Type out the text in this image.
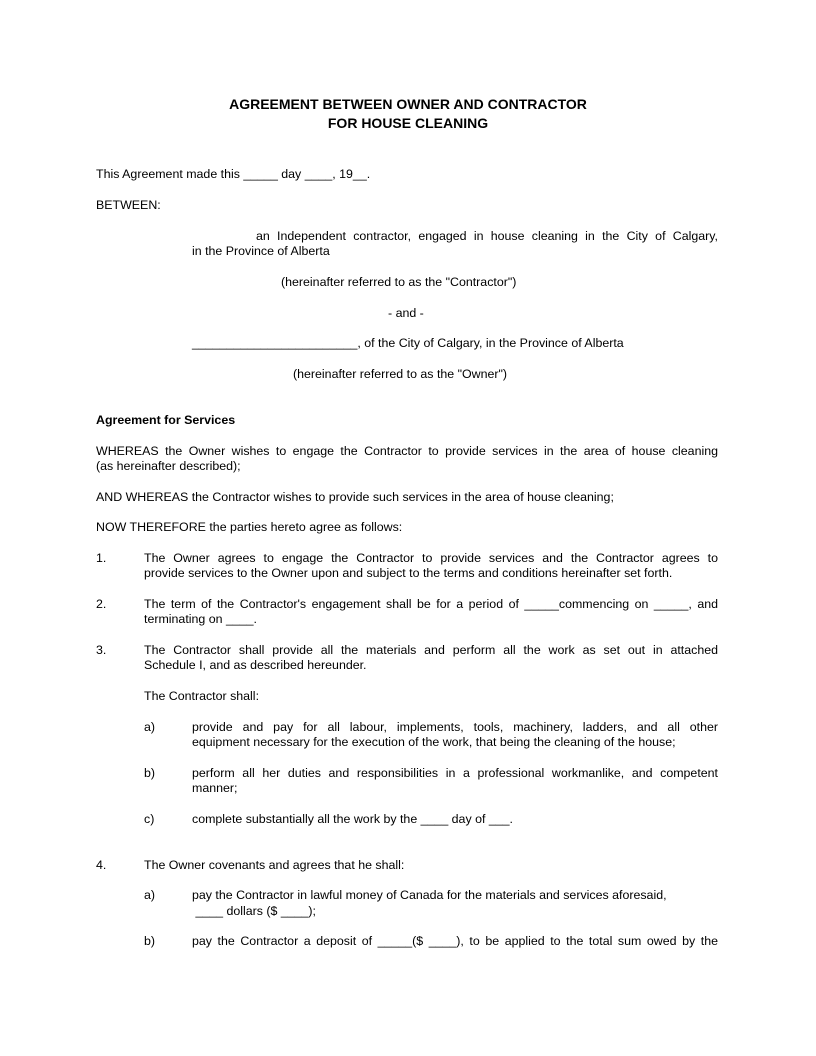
AGREEMENT BETWEEN OWNER AND CONTRACTOR
FOR HOUSE CLEANING
This Agreement made this _____ day ____, 19__.
BETWEEN:
an Independent contractor, engaged in house cleaning in the City of Calgary,
in the Province of Alberta
(hereinafter referred to as the "Contractor")
- and -
________________________, of the City of Calgary, in the Province of Alberta
(hereinafter referred to as the "Owner")
Agreement for Services
WHEREAS the Owner wishes to engage the Contractor to provide services in the area of house cleaning
(as hereinafter described);
AND WHEREAS the Contractor wishes to provide such services in the area of house cleaning;
NOW THEREFORE the parties hereto agree as follows:
1.	The Owner agrees to engage the Contractor to provide services and the Contractor agrees to
provide services to the Owner upon and subject to the terms and conditions hereinafter set forth.
2.	The term of the Contractor's engagement shall be for a period of _____commencing on _____, and
terminating on ____.
3.	The Contractor shall provide all the materials and perform all the work as set out in attached
Schedule I, and as described hereunder.
The Contractor shall:
a)	provide and pay for all labour, implements, tools, machinery, ladders, and all other
equipment necessary for the execution of the work, that being the cleaning of the house;
b)	perform all her duties and responsibilities in a professional workmanlike, and competent
manner;
c)	complete substantially all the work by the ____ day of ___.
4.	The Owner covenants and agrees that he shall:
a)	pay the Contractor in lawful money of Canada for the materials and services aforesaid,
____ dollars ($ ____);
b)	pay the Contractor a deposit of _____($ ____), to be applied to the total sum owed by the
